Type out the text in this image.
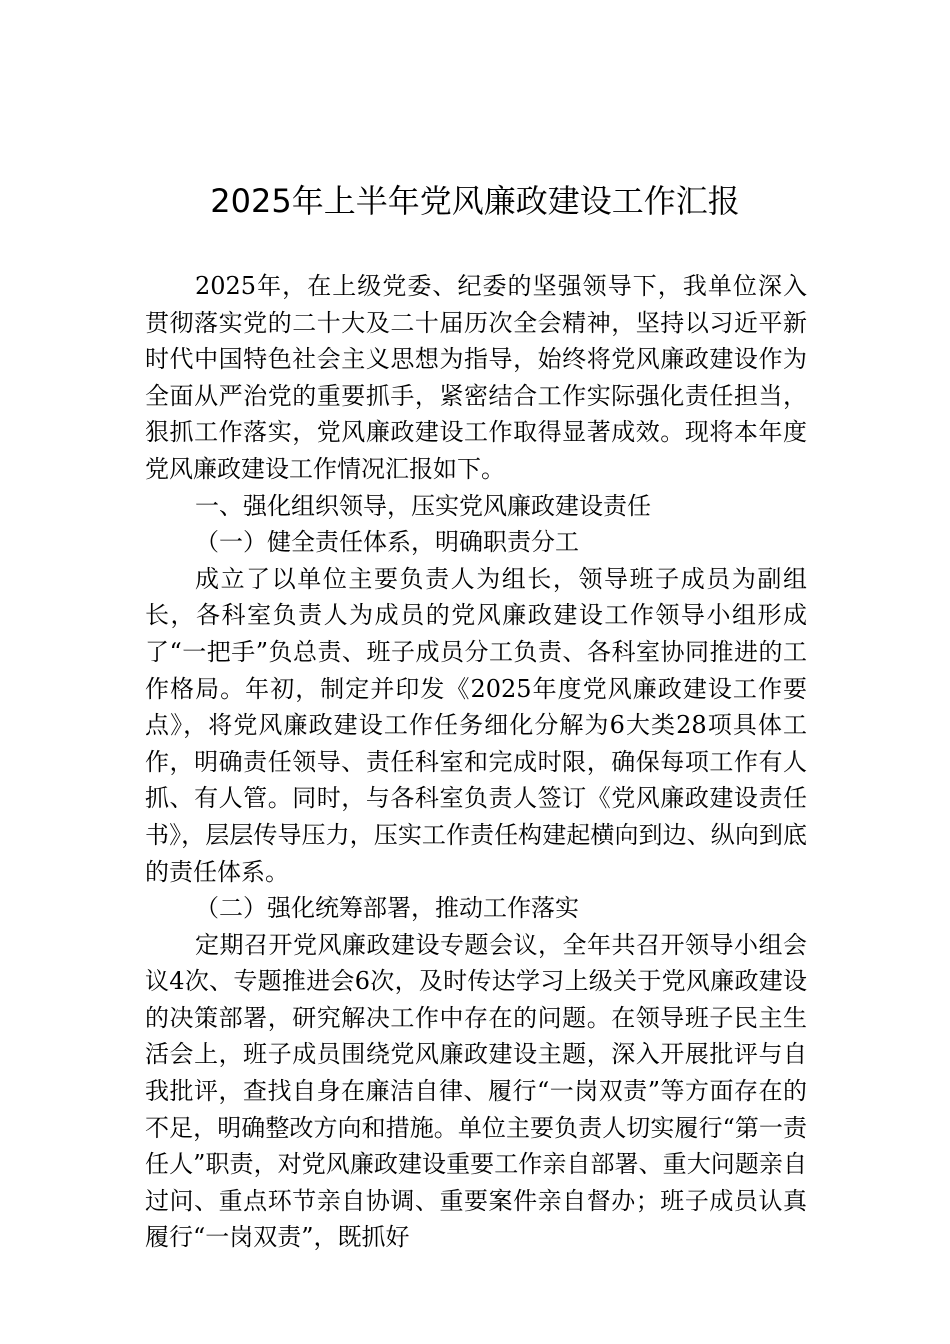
2025年上半年党风廉政建设工作汇报

2025年，在上级党委、纪委的坚强领导下，我单位深入贯彻落实党的二十大及二十届历次全会精神，坚持以习近平新时代中国特色社会主义思想为指导，始终将党风廉政建设作为全面从严治党的重要抓手，紧密结合工作实际强化责任担当，狠抓工作落实，党风廉政建设工作取得显著成效。现将本年度党风廉政建设工作情况汇报如下。

一、强化组织领导，压实党风廉政建设责任

（一）健全责任体系，明确职责分工

成立了以单位主要负责人为组长，领导班子成员为副组长，各科室负责人为成员的党风廉政建设工作领导小组形成了“一把手”负总责、班子成员分工负责、各科室协同推进的工作格局。年初，制定并印发《2025年度党风廉政建设工作要点》，将党风廉政建设工作任务细化分解为6大类28项具体工作，明确责任领导、责任科室和完成时限，确保每项工作有人抓、有人管。同时，与各科室负责人签订《党风廉政建设责任书》，层层传导压力，压实工作责任构建起横向到边、纵向到底的责任体系。

（二）强化统筹部署，推动工作落实

定期召开党风廉政建设专题会议，全年共召开领导小组会议4次、专题推进会6次，及时传达学习上级关于党风廉政建设的决策部署，研究解决工作中存在的问题。在领导班子民主生活会上，班子成员围绕党风廉政建设主题，深入开展批评与自我批评，查找自身在廉洁自律、履行“一岗双责”等方面存在的不足，明确整改方向和措施。单位主要负责人切实履行“第一责任人”职责，对党风廉政建设重要工作亲自部署、重大问题亲自过问、重点环节亲自协调、重要案件亲自督办；班子成员认真履行“一岗双责”，既抓好
